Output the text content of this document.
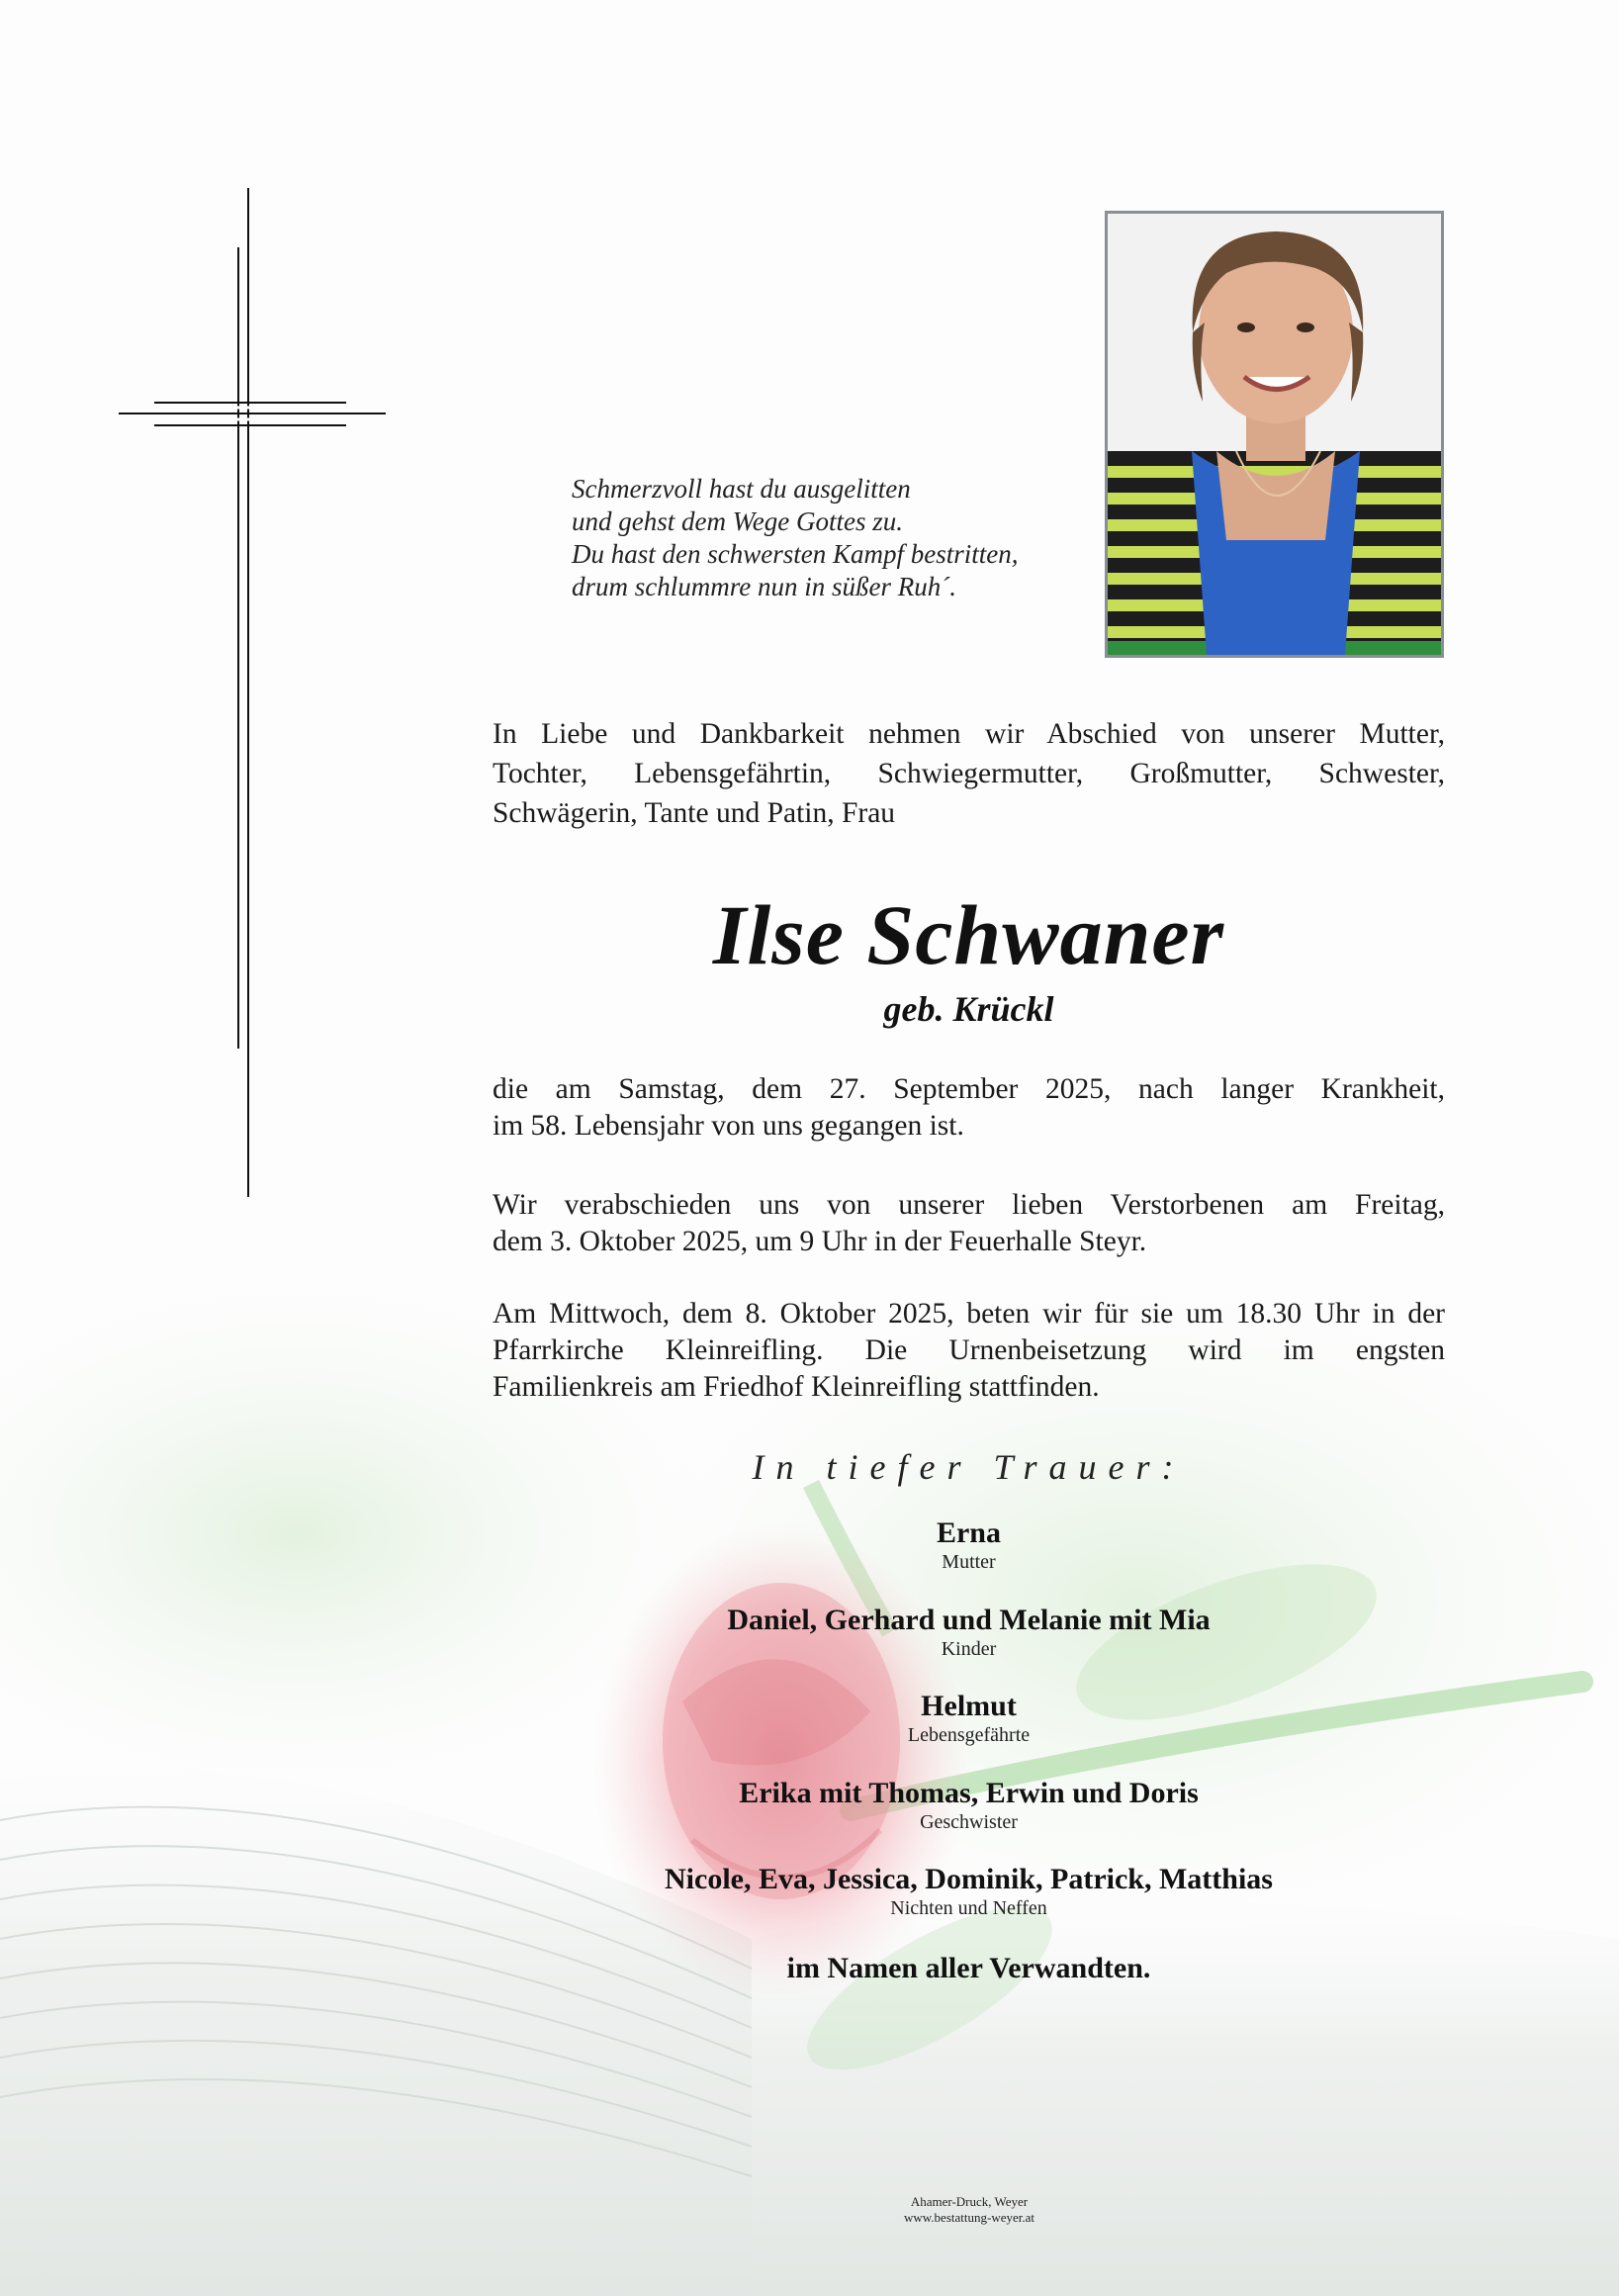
Schmerzvoll hast du ausgelitten
und gehst dem Wege Gottes zu.
Du hast den schwersten Kampf bestritten,
drum schlummre nun in süßer Ruh´.
In Liebe und Dankbarkeit nehmen wir Abschied von unserer Mutter,
Tochter, Lebensgefährtin, Schwiegermutter, Großmutter, Schwester,
Schwägerin, Tante und Patin, Frau
Ilse Schwaner
geb. Krückl
die am Samstag, dem 27. September 2025, nach langer Krankheit,
im 58. Lebensjahr von uns gegangen ist.
Wir verabschieden uns von unserer lieben Verstorbenen am Freitag,
dem 3. Oktober 2025, um 9 Uhr in der Feuerhalle Steyr.
Am Mittwoch, dem 8. Oktober 2025, beten wir für sie um 18.30 Uhr in der
Pfarrkirche Kleinreifling. Die Urnenbeisetzung wird im engsten
Familienkreis am Friedhof Kleinreifling stattfinden.
In tiefer Trauer:
Erna
Mutter
Daniel, Gerhard und Melanie mit Mia
Kinder
Helmut
Lebensgefährte
Erika mit Thomas, Erwin und Doris
Geschwister
Nicole, Eva, Jessica, Dominik, Patrick, Matthias
Nichten und Neffen
im Namen aller Verwandten.
Ahamer-Druck, Weyer
www.bestattung-weyer.at
